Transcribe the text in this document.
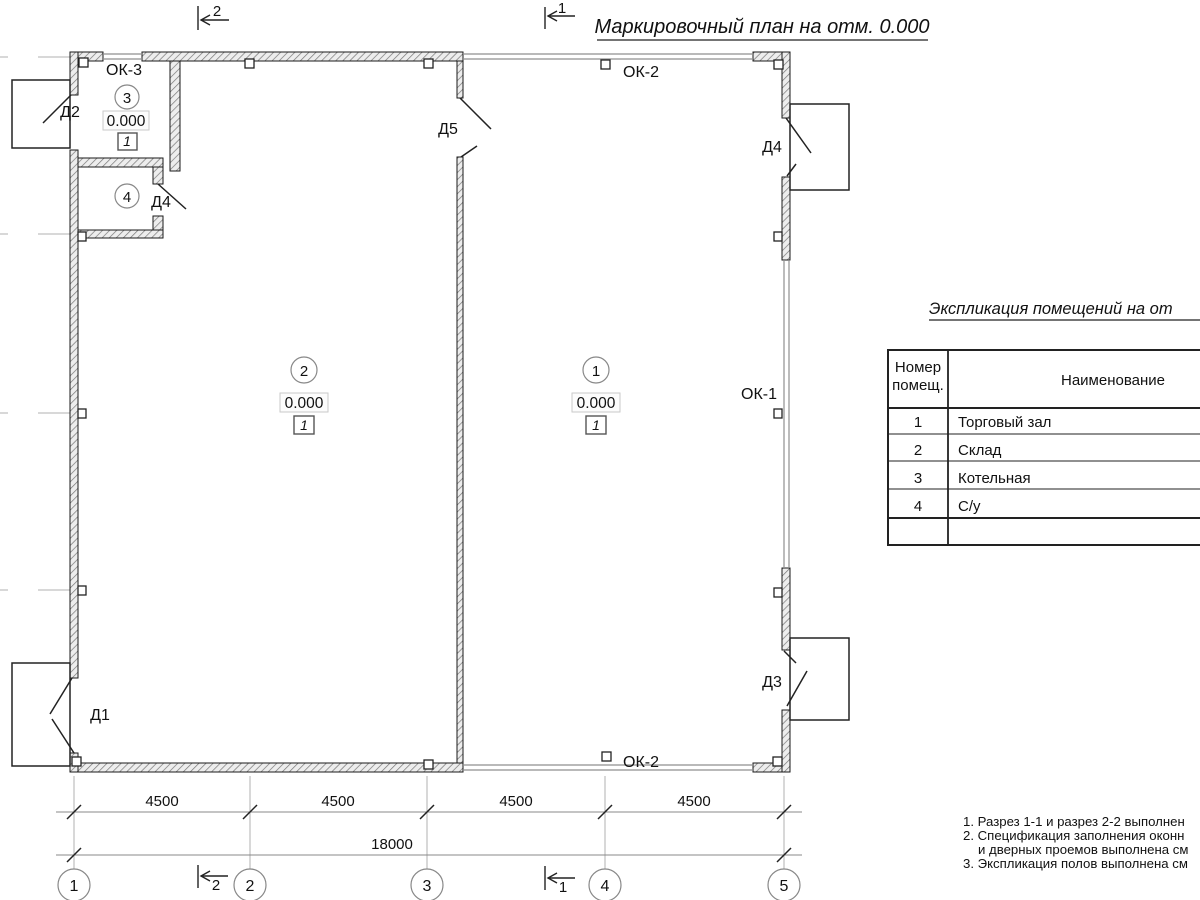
Маркировочный план на отм. 0.000
ОК-3	ОК-2
ОК-1
ОК-2
Д1
Д2
Д3
Д4
Д4
Д5
1
0.000
1
2
0.000
1
3
0.000
1
4
2	1
2	1
4500	4500	4500	4500
18000
1	2	3	4	5
Экспликация помещений на от
Номер
помещ.	Наименование
1 Торговый зал
2 Склад
3 Котельная
4 С/у
1. Разрез 1-1 и разрез 2-2 выполнен
2. Спецификация заполнения оконн
и дверных проемов выполнена см
3. Экспликация полов выполнена см
